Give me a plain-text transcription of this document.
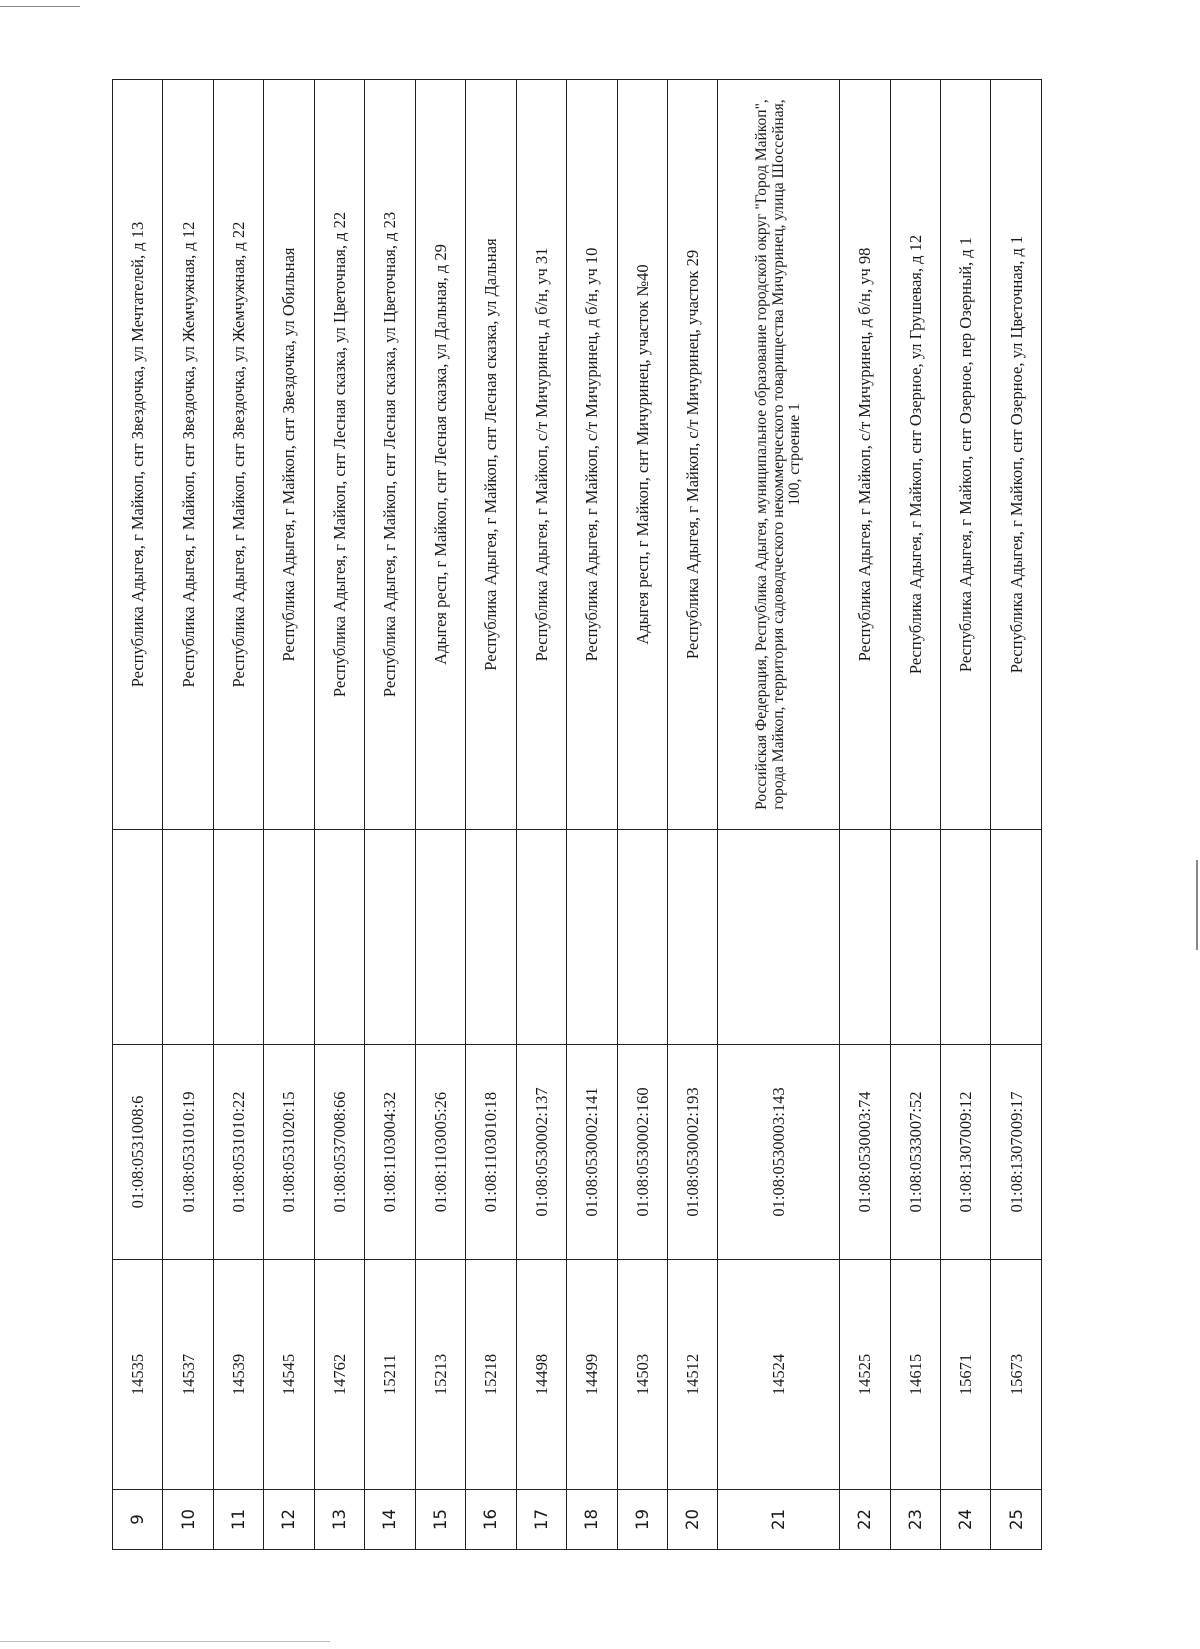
9	14535	01:08:0531008:6		Республика Адыгея, г Майкоп, снт Звездочка, ул Мечтателей, д 13
10	14537	01:08:0531010:19		Республика Адыгея, г Майкоп, снт Звездочка, ул Жемчужная, д 12
11	14539	01:08:0531010:22		Республика Адыгея, г Майкоп, снт Звездочка, ул Жемчужная, д 22
12	14545	01:08:0531020:15		Республика Адыгея, г Майкоп, снт Звездочка, ул Обильная
13	14762	01:08:0537008:66		Республика Адыгея, г Майкоп, снт Лесная сказка, ул Цветочная, д 22
14	15211	01:08:1103004:32		Республика Адыгея, г Майкоп, снт Лесная сказка, ул Цветочная, д 23
15	15213	01:08:1103005:26		Адыгея респ, г Майкоп, снт Лесная сказка, ул Дальная, д 29
16	15218	01:08:1103010:18		Республика Адыгея, г Майкоп, снт Лесная сказка, ул Дальная
17	14498	01:08:0530002:137		Республика Адыгея, г Майкоп, с/т Мичуринец, д б/н, уч 31
18	14499	01:08:0530002:141		Республика Адыгея, г Майкоп, с/т Мичуринец, д б/н, уч 10
19	14503	01:08:0530002:160		Адыгея респ, г Майкоп, снт Мичуринец, участок №40
20	14512	01:08:0530002:193		Республика Адыгея, г Майкоп, с/т Мичуринец, участок 29
21	14524	01:08:0530003:143		Российская Федерация, Республика Адыгея, муниципальное образование городской округ "Город Майкоп", города Майкоп, территория садоводческого некоммерческого товарищества Мичуринец, улица Шоссейная, 100, строение 1
22	14525	01:08:0530003:74		Республика Адыгея, г Майкоп, с/т Мичуринец, д б/н, уч 98
23	14615	01:08:0533007:52		Республика Адыгея, г Майкоп, снт Озерное, ул Грушевая, д 12
24	15671	01:08:1307009:12		Республика Адыгея, г Майкоп, снт Озерное, пер Озерный, д 1
25	15673	01:08:1307009:17		Республика Адыгея, г Майкоп, снт Озерное, ул Цветочная, д 1
